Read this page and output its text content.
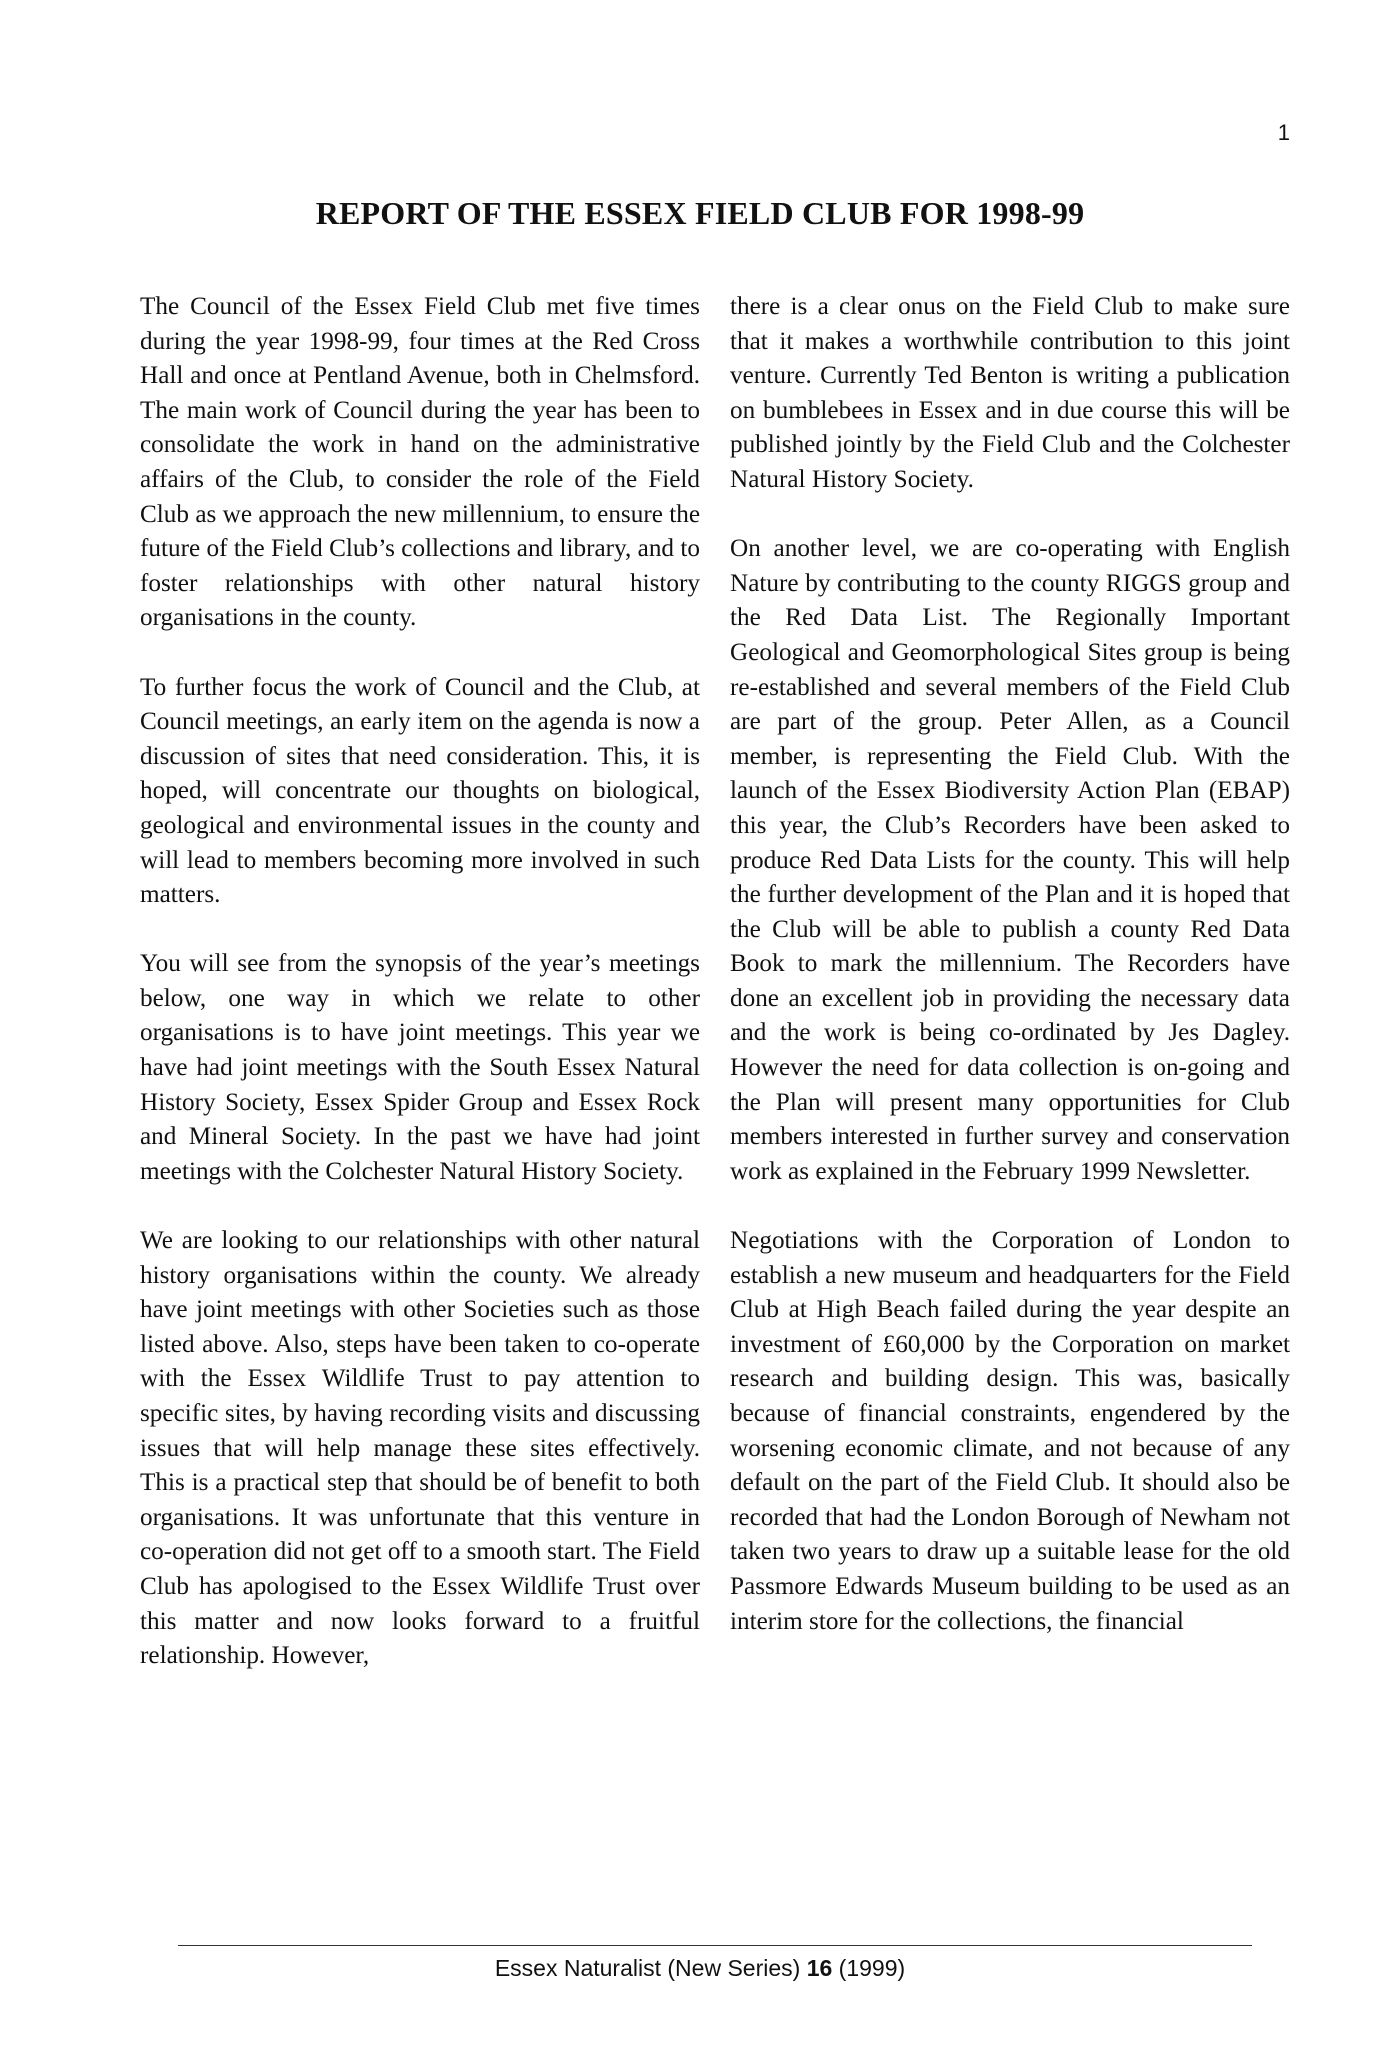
1
REPORT OF THE ESSEX FIELD CLUB FOR 1998-99

The Council of the Essex Field Club met five times during the year 1998-99, four times at the Red Cross Hall and once at Pentland Avenue, both in Chelmsford. The main work of Council during the year has been to consolidate the work in hand on the administrative affairs of the Club, to consider the role of the Field Club as we approach the new millennium, to ensure the future of the Field Club’s collections and library, and to foster relationships with other natural history organisations in the county.

To further focus the work of Council and the Club, at Council meetings, an early item on the agenda is now a discussion of sites that need consideration. This, it is hoped, will concentrate our thoughts on biological, geological and environmental issues in the county and will lead to members becoming more involved in such matters.

You will see from the synopsis of the year’s meetings below, one way in which we relate to other organisations is to have joint meetings. This year we have had joint meetings with the South Essex Natural History Society, Essex Spider Group and Essex Rock and Mineral Society. In the past we have had joint meetings with the Colchester Natural History Society.

We are looking to our relationships with other natural history organisations within the county. We already have joint meetings with other Societies such as those listed above. Also, steps have been taken to co-operate with the Essex Wildlife Trust to pay attention to specific sites, by having recording visits and discussing issues that will help manage these sites effectively. This is a practical step that should be of benefit to both organisations. It was unfortunate that this venture in co-operation did not get off to a smooth start. The Field Club has apologised to the Essex Wildlife Trust over this matter and now looks forward to a fruitful relationship. However,

there is a clear onus on the Field Club to make sure that it makes a worthwhile contribution to this joint venture. Currently Ted Benton is writing a publication on bumblebees in Essex and in due course this will be published jointly by the Field Club and the Colchester Natural History Society.

On another level, we are co-operating with English Nature by contributing to the county RIGGS group and the Red Data List. The Regionally Important Geological and Geomorphological Sites group is being re-established and several members of the Field Club are part of the group. Peter Allen, as a Council member, is representing the Field Club. With the launch of the Essex Biodiversity Action Plan (EBAP) this year, the Club’s Recorders have been asked to produce Red Data Lists for the county. This will help the further development of the Plan and it is hoped that the Club will be able to publish a county Red Data Book to mark the millennium. The Recorders have done an excellent job in providing the necessary data and the work is being co-ordinated by Jes Dagley. However the need for data collection is on-going and the Plan will present many opportunities for Club members interested in further survey and conservation work as explained in the February 1999 Newsletter.

Negotiations with the Corporation of London to establish a new museum and headquarters for the Field Club at High Beach failed during the year despite an investment of £60,000 by the Corporation on market research and building design. This was, basically because of financial constraints, engendered by the worsening economic climate, and not because of any default on the part of the Field Club. It should also be recorded that had the London Borough of Newham not taken two years to draw up a suitable lease for the old Passmore Edwards Museum building to be used as an interim store for the collections, the financial

Essex Naturalist (New Series) 16 (1999)
